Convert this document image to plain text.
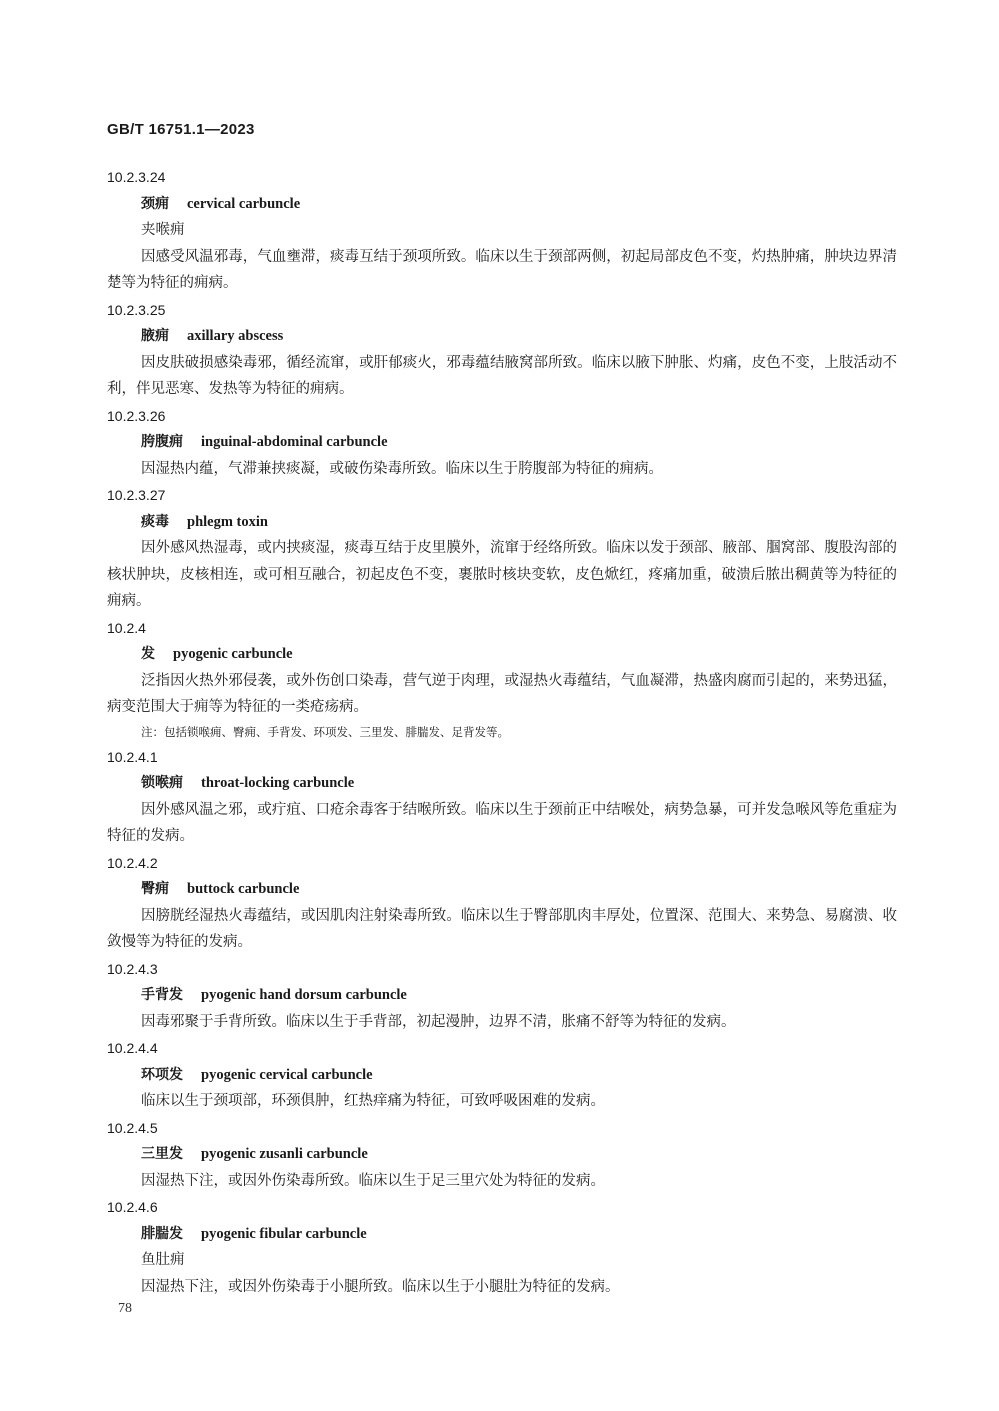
GB/T 16751.1—2023
10.2.3.24
颈痈 cervical carbuncle
夹喉痈

因感受风温邪毒，气血壅滞，痰毒互结于颈项所致。临床以生于颈部两侧，初起局部皮色不变，灼热肿痛，肿块边界清楚等为特征的痈病。

10.2.3.25
腋痈 axillary abscess

因皮肤破损感染毒邪，循经流窜，或肝郁痰火，邪毒蕴结腋窝部所致。临床以腋下肿胀、灼痛，皮色不变，上肢活动不利，伴见恶寒、发热等为特征的痈病。

10.2.3.26
胯腹痈 inguinal-abdominal carbuncle

因湿热内蕴，气滞兼挟痰凝，或破伤染毒所致。临床以生于胯腹部为特征的痈病。

10.2.3.27
痰毒 phlegm toxin

因外感风热湿毒，或内挟痰湿，痰毒互结于皮里膜外，流窜于经络所致。临床以发于颈部、腋部、腘窝部、腹股沟部的核状肿块，皮核相连，或可相互融合，初起皮色不变，裹脓时核块变软，皮色焮红，疼痛加重，破溃后脓出稠黄等为特征的痈病。

10.2.4
发 pyogenic carbuncle

泛指因火热外邪侵袭，或外伤创口染毒，营气逆于肉理，或湿热火毒蕴结，气血凝滞，热盛肉腐而引起的，来势迅猛，病变范围大于痈等为特征的一类疮疡病。

注：包括锁喉痈、臀痈、手背发、环项发、三里发、腓腨发、足背发等。
10.2.4.1
锁喉痈 throat-locking carbuncle

因外感风温之邪，或疔疽、口疮余毒客于结喉所致。临床以生于颈前正中结喉处，病势急暴，可并发急喉风等危重症为特征的发病。

10.2.4.2
臀痈 buttock carbuncle

因膀胱经湿热火毒蕴结，或因肌肉注射染毒所致。临床以生于臀部肌肉丰厚处，位置深、范围大、来势急、易腐溃、收敛慢等为特征的发病。

10.2.4.3
手背发 pyogenic hand dorsum carbuncle

因毒邪聚于手背所致。临床以生于手背部，初起漫肿，边界不清，胀痛不舒等为特征的发病。

10.2.4.4
环项发 pyogenic cervical carbuncle

临床以生于颈项部，环颈俱肿，红热痒痛为特征，可致呼吸困难的发病。

10.2.4.5
三里发 pyogenic zusanli carbuncle

因湿热下注，或因外伤染毒所致。临床以生于足三里穴处为特征的发病。

10.2.4.6
腓腨发 pyogenic fibular carbuncle
鱼肚痈

因湿热下注，或因外伤染毒于小腿所致。临床以生于小腿肚为特征的发病。

78
